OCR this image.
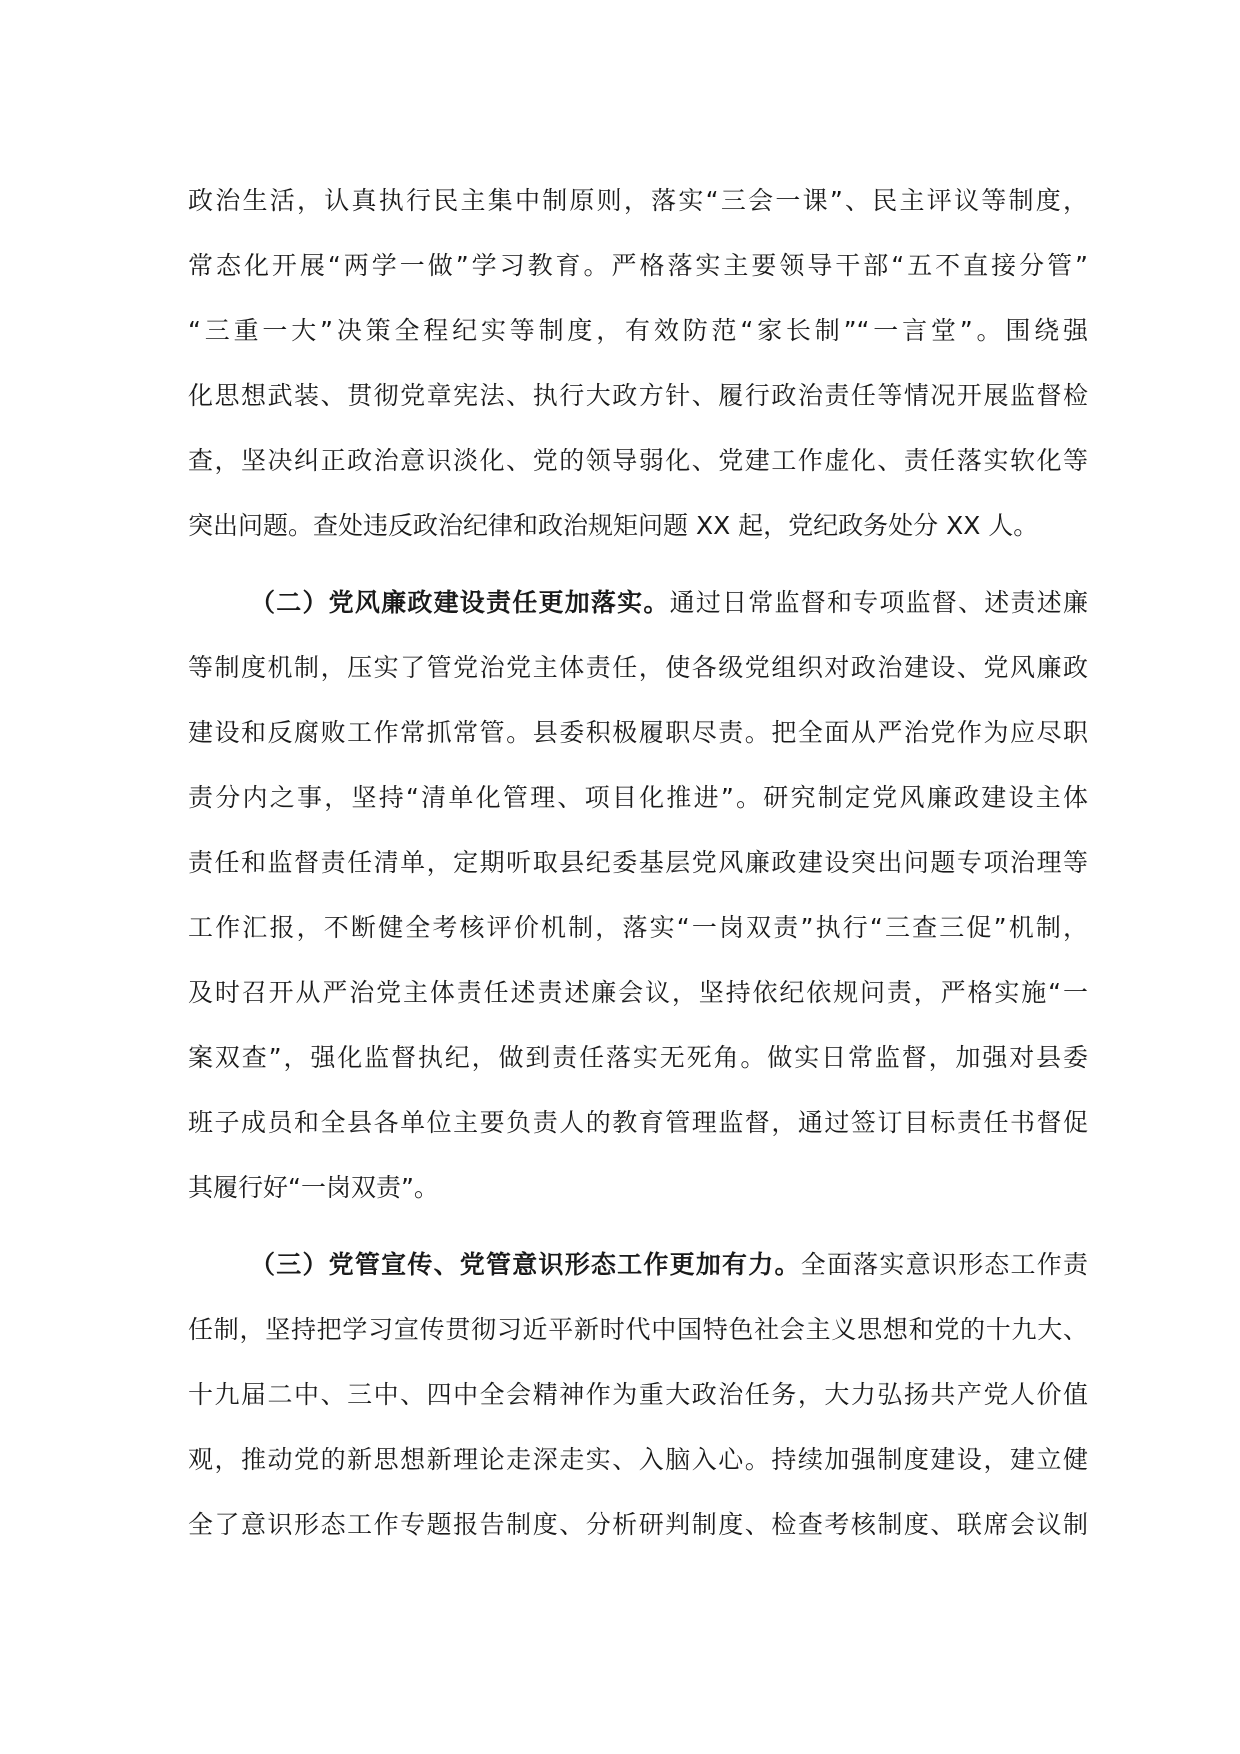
政治生活，认真执行民主集中制原则，落实“三会一课”、民主评议等制度，
常态化开展“两学一做”学习教育。严格落实主要领导干部“五不直接分管”
“三重一大”决策全程纪实等制度，有效防范“家长制”“一言堂”。围绕强
化思想武装、贯彻党章宪法、执行大政方针、履行政治责任等情况开展监督检
查，坚决纠正政治意识淡化、党的领导弱化、党建工作虚化、责任落实软化等
突出问题。查处违反政治纪律和政治规矩问题 XX 起，党纪政务处分 XX 人。
（二）党风廉政建设责任更加落实。通过日常监督和专项监督、述责述廉
等制度机制，压实了管党治党主体责任，使各级党组织对政治建设、党风廉政
建设和反腐败工作常抓常管。县委积极履职尽责。把全面从严治党作为应尽职
责分内之事，坚持“清单化管理、项目化推进”。研究制定党风廉政建设主体
责任和监督责任清单，定期听取县纪委基层党风廉政建设突出问题专项治理等
工作汇报，不断健全考核评价机制，落实“一岗双责”执行“三查三促”机制，
及时召开从严治党主体责任述责述廉会议，坚持依纪依规问责，严格实施“一
案双查”，强化监督执纪，做到责任落实无死角。做实日常监督，加强对县委
班子成员和全县各单位主要负责人的教育管理监督，通过签订目标责任书督促
其履行好“一岗双责”。
（三）党管宣传、党管意识形态工作更加有力。全面落实意识形态工作责
任制，坚持把学习宣传贯彻习近平新时代中国特色社会主义思想和党的十九大、
十九届二中、三中、四中全会精神作为重大政治任务，大力弘扬共产党人价值
观，推动党的新思想新理论走深走实、入脑入心。持续加强制度建设，建立健
全了意识形态工作专题报告制度、分析研判制度、检查考核制度、联席会议制
